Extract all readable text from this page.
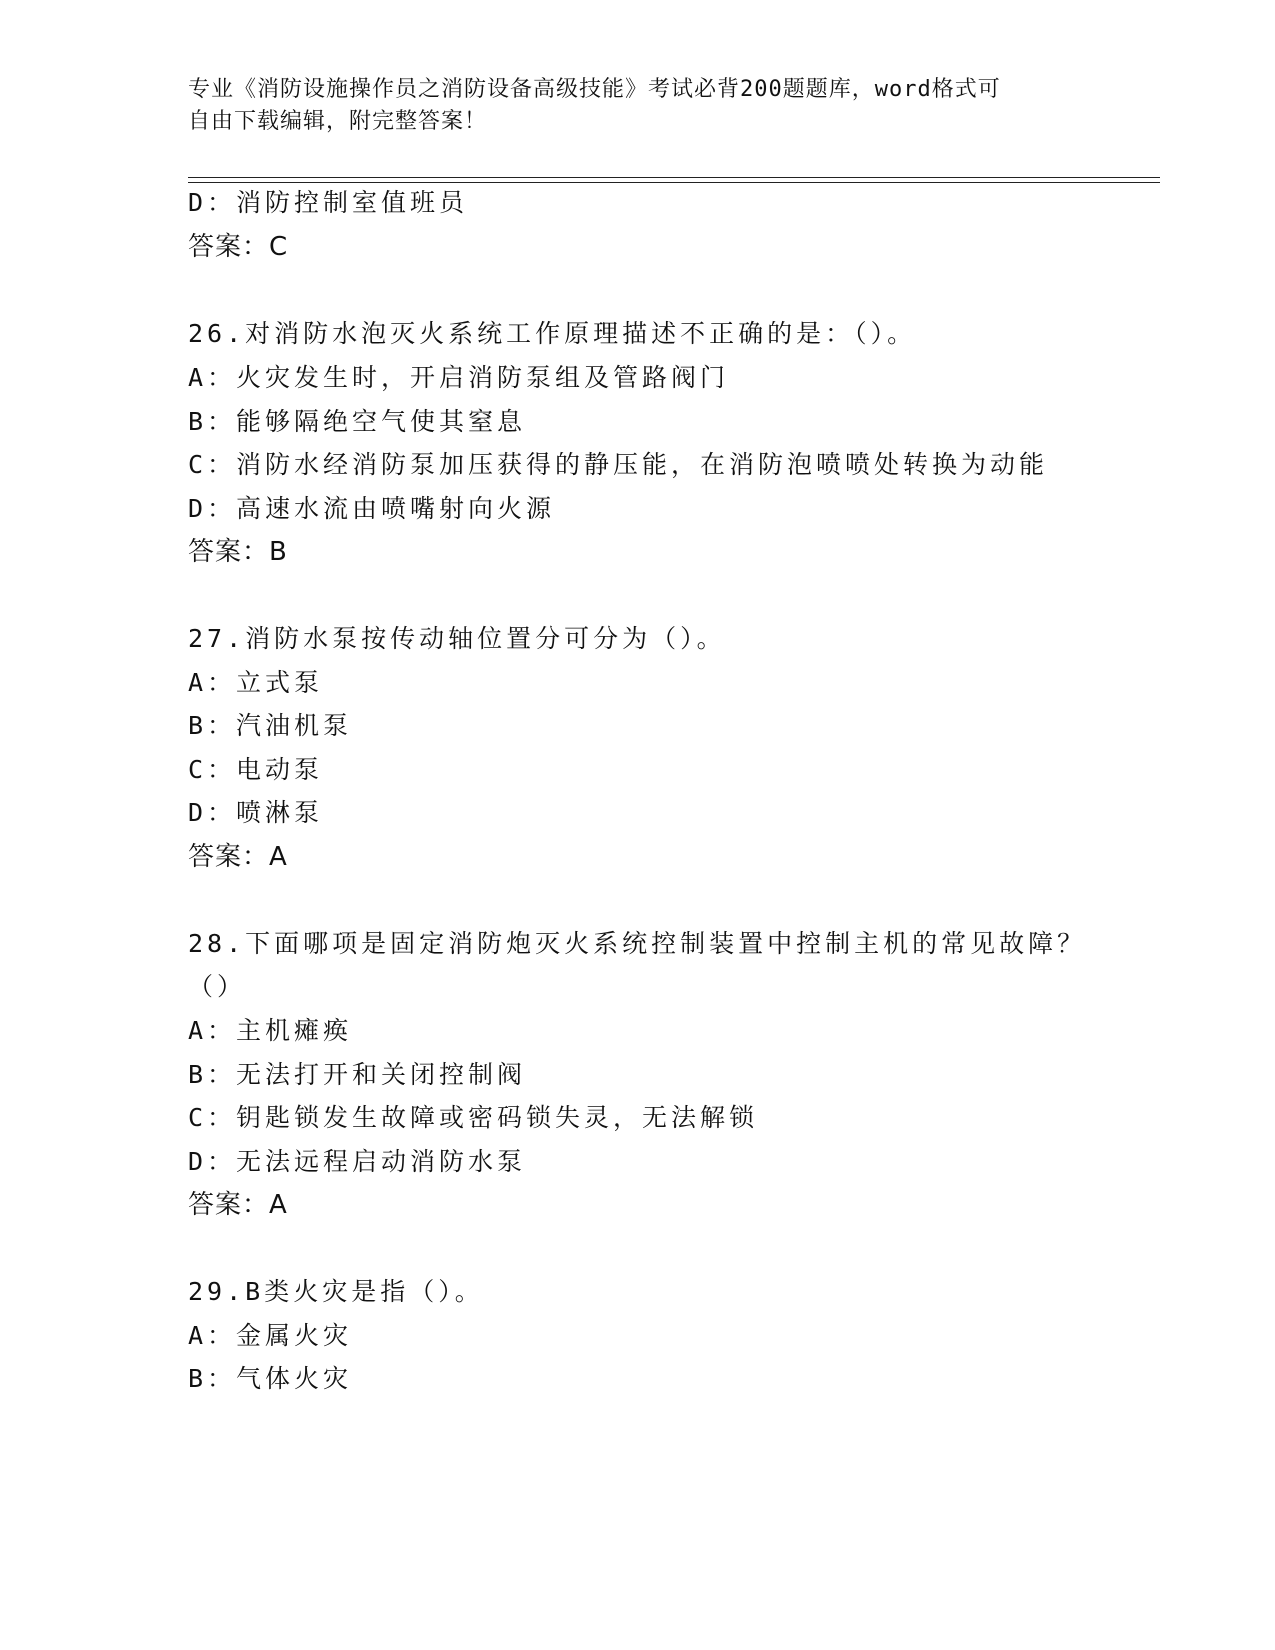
专业《消防设施操作员之消防设备高级技能》考试必背200题题库，word格式可
自由下载编辑，附完整答案！
D：消防控制室值班员
答案：C
26.对消防水泡灭火系统工作原理描述不正确的是：（）。
A：火灾发生时，开启消防泵组及管路阀门
B：能够隔绝空气使其窒息
C：消防水经消防泵加压获得的静压能，在消防泡喷喷处转换为动能
D：高速水流由喷嘴射向火源
答案：B
27.消防水泵按传动轴位置分可分为（）。
A：立式泵
B：汽油机泵
C：电动泵
D：喷淋泵
答案：A
28.下面哪项是固定消防炮灭火系统控制装置中控制主机的常见故障？
（）
A：主机瘫痪
B：无法打开和关闭控制阀
C：钥匙锁发生故障或密码锁失灵，无法解锁
D：无法远程启动消防水泵
答案：A
29.B类火灾是指（）。
A：金属火灾
B：气体火灾
